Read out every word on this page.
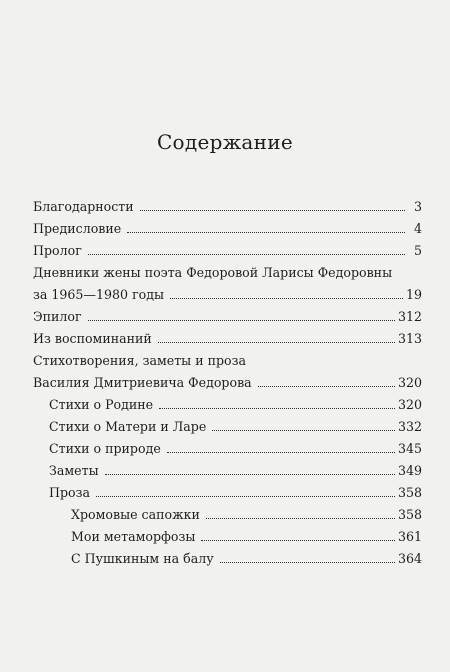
Содержание
Благодарности	3
Предисловие	4
Пролог	5
Дневники жены поэта Федоровой Ларисы Федоровны
за 1965—1980 годы	19
Эпилог	312
Из воспоминаний	313
Стихотворения, заметы и проза
Василия Дмитриевича Федорова	320
Стихи о Родине	320
Стихи о Матери и Ларе	332
Стихи о природе	345
Заметы	349
Проза	358
Хромовые сапожки	358
Мои метаморфозы	361
С Пушкиным на балу	364
